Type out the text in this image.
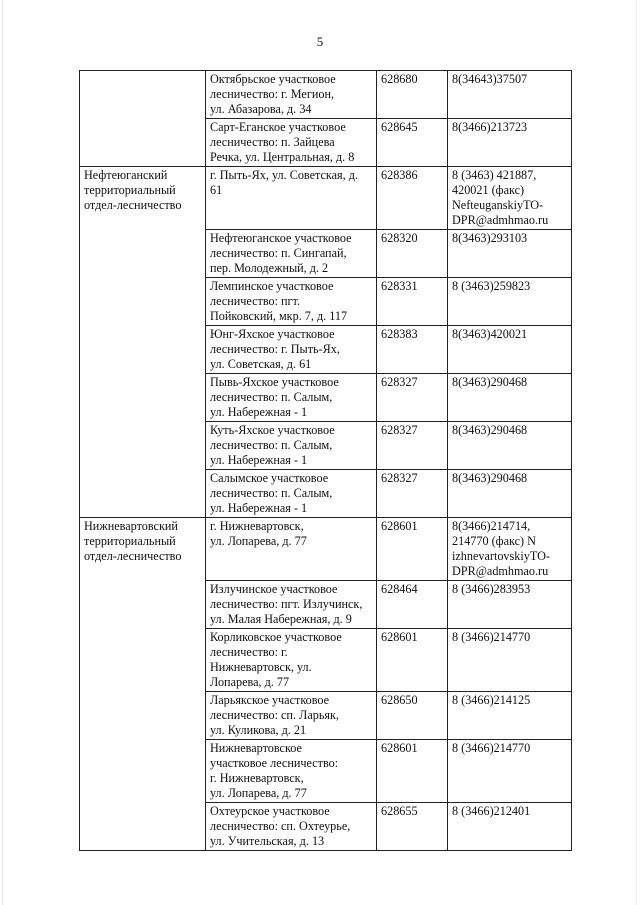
5

	Октябрьское участковое
лесничество: г. Мегион,
ул. Абазарова, д. 34	628680	8(34643)37507

	Сарт-Еганское участковое
лесничество: п. Зайцева
Речка, ул. Центральная, д. 8	628645	8(3466)213723

Нефтеюганский
территориальный
отдел-лесничество	г. Пыть-Ях, ул. Советская, д.
61	628386	8 (3463) 421887,
420021 (факс)
NefteuganskiyTO-
DPR@admhmao.ru

	Нефтеюганское участковое
лесничество: п. Сингапай,
пер. Молодежный, д. 2	628320	8(3463)293103

	Лемпинское участковое
лесничество: пгт.
Пойковский, мкр. 7, д. 117	628331	8 (3463)259823

	Юнг-Яхское участковое
лесничество: г. Пыть-Ях,
ул. Советская, д. 61	628383	8(3463)420021

	Пывь-Яхское участковое
лесничество: п. Салым,
ул. Набережная - 1	628327	8(3463)290468

	Куть-Яхское участковое
лесничество: п. Салым,
ул. Набережная - 1	628327	8(3463)290468

	Салымское участковое
лесничество: п. Салым,
ул. Набережная - 1	628327	8(3463)290468

Нижневартовский
территориальный
отдел-лесничество	г. Нижневартовск,
ул. Лопарева, д. 77	628601	8(3466)214714,
214770 (факс) N
izhnevartovskiyTO-
DPR@admhmao.ru

	Излучинское участковое
лесничество: пгт. Излучинск,
ул. Малая Набережная, д. 9	628464	8 (3466)283953

	Корликовское участковое
лесничество: г.
Нижневартовск, ул.
Лопарева, д. 77	628601	8 (3466)214770

	Ларьякское участковое
лесничество: сп. Ларьяк,
ул. Куликова, д. 21	628650	8 (3466)214125

	Нижневартовское
участковое лесничество:
г. Нижневартовск,
ул. Лопарева, д. 77	628601	8 (3466)214770

	Охтеурское участковое
лесничество: сп. Охтеурье,
ул. Учительская, д. 13	628655	8 (3466)212401
